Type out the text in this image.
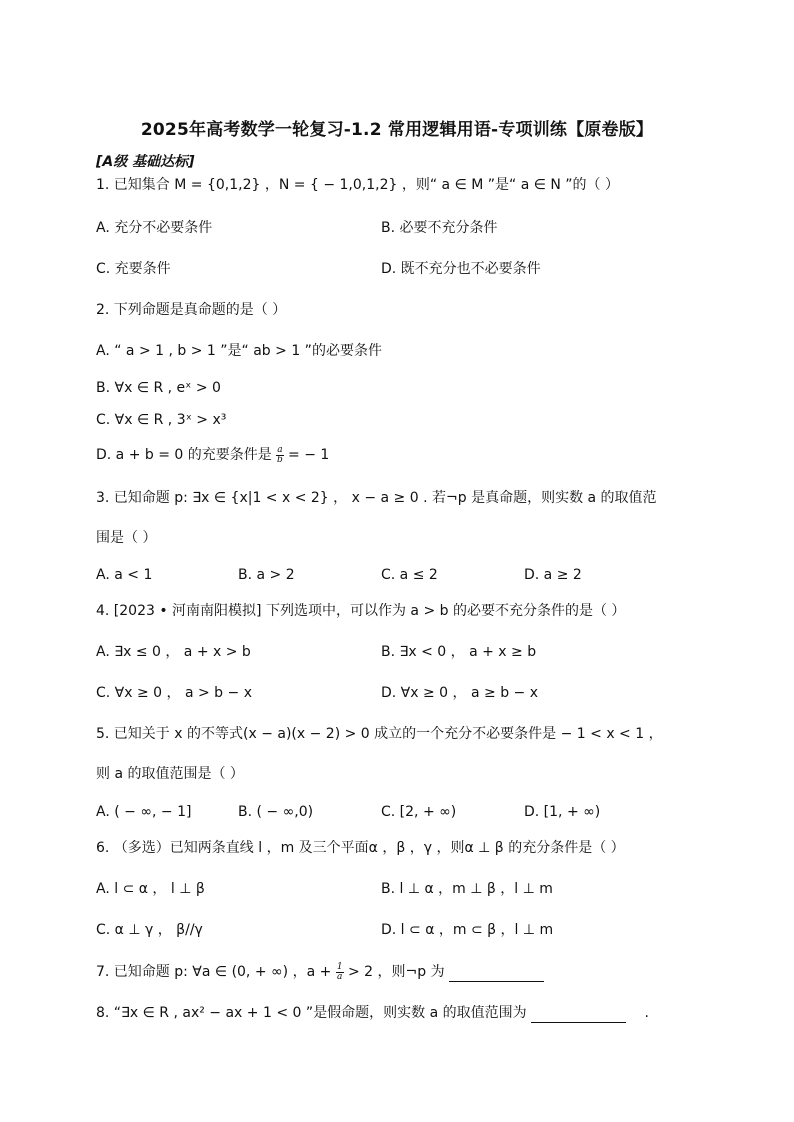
2025年高考数学一轮复习-1.2 常用逻辑用语-专项训练【原卷版】
[A级 基础达标]
1. 已知集合 M = {0,1,2} ，N = { − 1,0,1,2} ，则“ a ∈ M ”是“ a ∈ N ”的（ ）
A. 充分不必要条件	B. 必要不充分条件
C. 充要条件	D. 既不充分也不必要条件
2. 下列命题是真命题的是（ ）
A. “ a > 1 , b > 1 ”是“ ab > 1 ”的必要条件
B. ∀x ∈ R , eˣ > 0
C. ∀x ∈ R , 3ˣ > x³
D. a + b = 0 的充要条件是 $\frac{a}{b}$ = − 1
3. 已知命题 p: ∃x ∈ {x|1 < x < 2} ， x − a ≥ 0 . 若¬p 是真命题，则实数 a 的取值范
围是（ ）
A. a < 1	B. a > 2	C. a ≤ 2	D. a ≥ 2
4. [2023 • 河南南阳模拟] 下列选项中，可以作为 a > b 的必要不充分条件的是（ ）
A. ∃x ≤ 0 ， a + x > b	B. ∃x < 0 ， a + x ≥ b
C. ∀x ≥ 0 ， a > b − x	D. ∀x ≥ 0 ， a ≥ b − x
5. 已知关于 x 的不等式(x − a)(x − 2) > 0 成立的一个充分不必要条件是 − 1 < x < 1 ，
则 a 的取值范围是（ ）
A. ( − ∞, − 1]	B. ( − ∞,0)	C. [2, + ∞)	D. [1, + ∞)
6. （多选）已知两条直线 l ，m 及三个平面α ，β ，γ ，则α ⊥ β 的充分条件是（ ）
A. l ⊂ α ， l ⊥ β	B. l ⊥ α ，m ⊥ β ，l ⊥ m
C. α ⊥ γ ， β//γ	D. l ⊂ α ，m ⊂ β ，l ⊥ m
7. 已知命题 p: ∀a ∈ (0, + ∞) ，$a + \frac{1}{a} > 2$ ，则¬p 为
8. “∃x ∈ R , ax² − ax + 1 < 0 ”是假命题，则实数 a 的取值范围为	.
